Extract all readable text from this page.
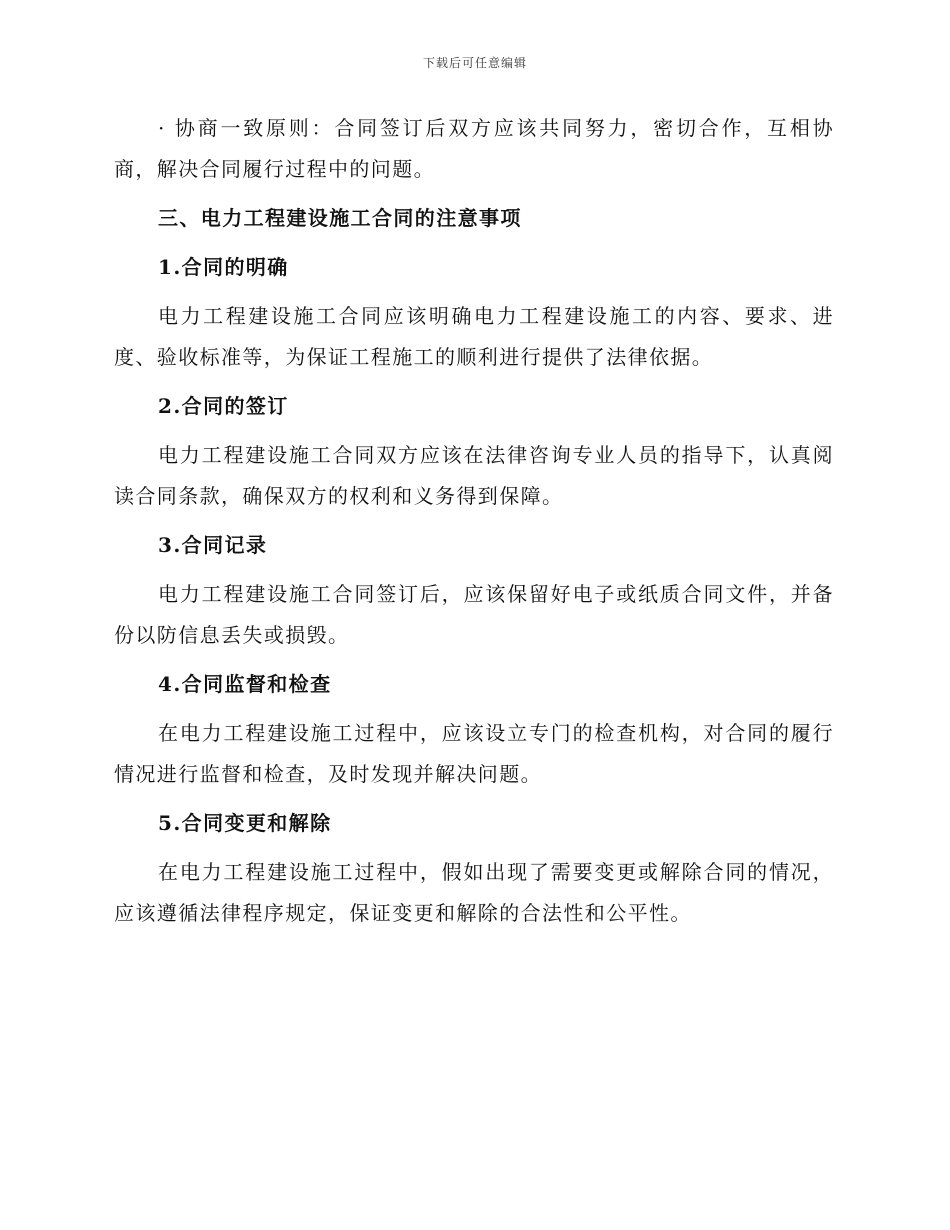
下载后可任意编辑

· 协商一致原则：合同签订后双方应该共同努力，密切合作，互相协商，解决合同履行过程中的问题。

三、电力工程建设施工合同的注意事项

1.合同的明确

电力工程建设施工合同应该明确电力工程建设施工的内容、要求、进度、验收标准等，为保证工程施工的顺利进行提供了法律依据。

2.合同的签订

电力工程建设施工合同双方应该在法律咨询专业人员的指导下，认真阅读合同条款，确保双方的权利和义务得到保障。

3.合同记录

电力工程建设施工合同签订后，应该保留好电子或纸质合同文件，并备份以防信息丢失或损毁。

4.合同监督和检查

在电力工程建设施工过程中，应该设立专门的检查机构，对合同的履行情况进行监督和检查，及时发现并解决问题。

5.合同变更和解除

在电力工程建设施工过程中，假如出现了需要变更或解除合同的情况，应该遵循法律程序规定，保证变更和解除的合法性和公平性。
